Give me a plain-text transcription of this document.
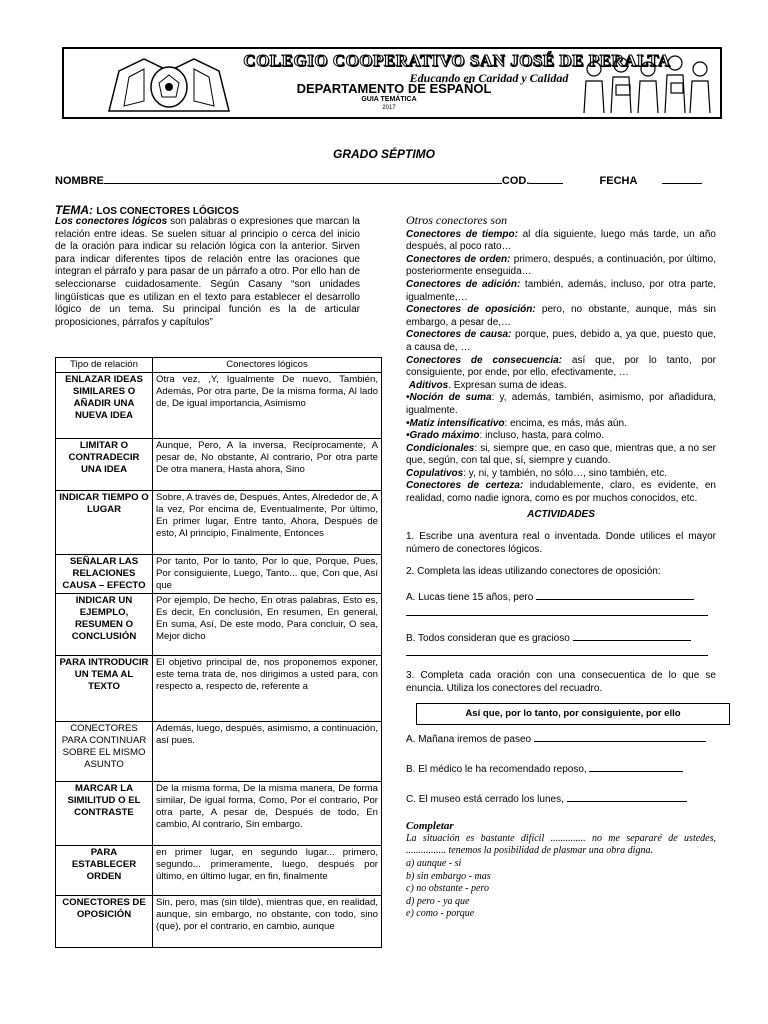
COLEGIO COOPERATIVO SAN JOSÉ DE PERALTA
Educando en Caridad y Calidad
DEPARTAMENTO DE ESPAÑOL
GUIA TEMÁTICA
2017
GRADO SÉPTIMO
NOMBRE	COD.	FECHA
TEMA: LOS CONECTORES LÓGICOS
Los conectores lógicos son palabras o expresiones que marcan la relación entre ideas. Se suelen situar al principio o cerca del inicio de la oración para indicar su relación lógica con la anterior. Sirven para indicar diferentes tipos de relación entre las oraciones que integran el párrafo y para pasar de un párrafo a otro. Por ello han de seleccionarse cuidadosamente. Según Casany “son unidades lingüísticas que es utilizan en el texto para establecer el desarrollo lógico de un tema. Su principal función es la de articular proposiciones, párrafos y capítulos”
Tipo de relación	Conectores lógicos
ENLAZAR IDEAS SIMILARES O AÑADIR UNA NUEVA IDEA	Otra vez, ,Y, Igualmente De nuevo, También, Además, Por otra parte, De la misma forma, Al lado de, De igual importancia, Asimismo
LIMITAR O CONTRADECIR UNA IDEA	Aunque, Pero, A la inversa, Recíprocamente, A pesar de, No obstante, Al contrario, Por otra parte De otra manera, Hasta ahora, Sino
INDICAR TIEMPO O LUGAR	Sobre, A través de, Después, Antes, Alrededor de, A la vez, Por encima de, Eventualmente, Por último, En primer lugar, Entre tanto, Ahora, Después de esto, Al principio, Finalmente, Entonces
SEÑALAR LAS RELACIONES CAUSA – EFECTO	Por tanto, Por lo tanto, Por lo que, Porque, Pues, Por consiguiente, Luego, Tanto... que, Con que, Así que
INDICAR UN EJEMPLO, RESUMEN O CONCLUSIÓN	Por ejemplo, De hecho, En otras palabras, Esto es, Es decir, En conclusión, En resumen, En general, En suma, Así, De este modo, Para concluir, O sea, Mejor dicho
PARA INTRODUCIR UN TEMA AL TEXTO	El objetivo principal de, nos proponemos exponer, este tema trata de, nos dirigimos a usted para, con respecto a, respecto de, referente a
CONECTORES PARA CONTINUAR SOBRE EL MISMO ASUNTO	Además, luego, después, asimismo, a continuación, así pues.
MARCAR LA SIMILITUD O EL CONTRASTE	De la misma forma, De la misma manera, De forma similar, De igual forma, Como, Por el contrario, Por otra parte, A pesar de, Después de todo, En cambio, Al contrario, Sin embargo.
PARA ESTABLECER ORDEN	en primer lugar, en segundo lugar... primero, segundo... primeramente, luego, después por último, en último lugar, en fin, finalmente
CONECTORES DE OPOSICIÓN	Sin, pero, mas (sin tilde), mientras que, en realidad, aunque, sin embargo, no obstante, con todo, sino (que), por el contrario, en cambio, aunque
Otros conectores son

Conectores de tiempo: al día siguiente, luego más tarde, un año después, al poco rato…

Conectores de orden: primero, después, a continuación, por último, posteriormente enseguida…

Conectores de adición: también, además, incluso, por otra parte, igualmente,…

Conectores de oposición: pero, no obstante, aunque, más sin embargo, a pesar de,…

Conectores de causa: porque, pues, debido a, ya que, puesto que, a causa de, …

Conectores de consecuencia: así que, por lo tanto, por consiguiente, por ende, por ello, efectivamente, …

Aditivos. Expresan suma de ideas.

•Noción de suma: y, además, también, asimismo, por añadidura, igualmente.

•Matiz intensificativo: encima, es más, más aún.

•Grado máximo: incluso, hasta, para colmo.

Condicionales: si, siempre que, en caso que, mientras que, a no ser que, según, con tal que, sí, siempre y cuando.

Copulativos: y, ni, y también, no sólo…, sino también, etc.

Conectores de certeza: indudablemente, claro, es evidente, en realidad, como nadie ignora, como es por muchos conocidos, etc.

ACTIVIDADES

1. Escribe una aventura real o inventada. Donde utilices el mayor número de conectores lógicos.

2. Completa las ideas utilizando conectores de oposición:

A. Lucas tiene 15 años, pero

B. Todos consideran que es gracioso

3. Completa cada oración con una consecuentica de lo que se enuncia. Utiliza los conectores del recuadro.

Así que, por lo tanto, por consiguiente, por ello

A. Mañana iremos de paseo

B. El médico le ha recomendado reposo,

C. El museo está cerrado los lunes,

Completar

La situación es bastante difícil .............. no me separaré de ustedes, ................ tenemos la posibilidad de plasmar una obra digna.

a) aunque - si
b) sin embargo - mas
c) no obstante - pero
d) pero - ya que
e) como - porque
